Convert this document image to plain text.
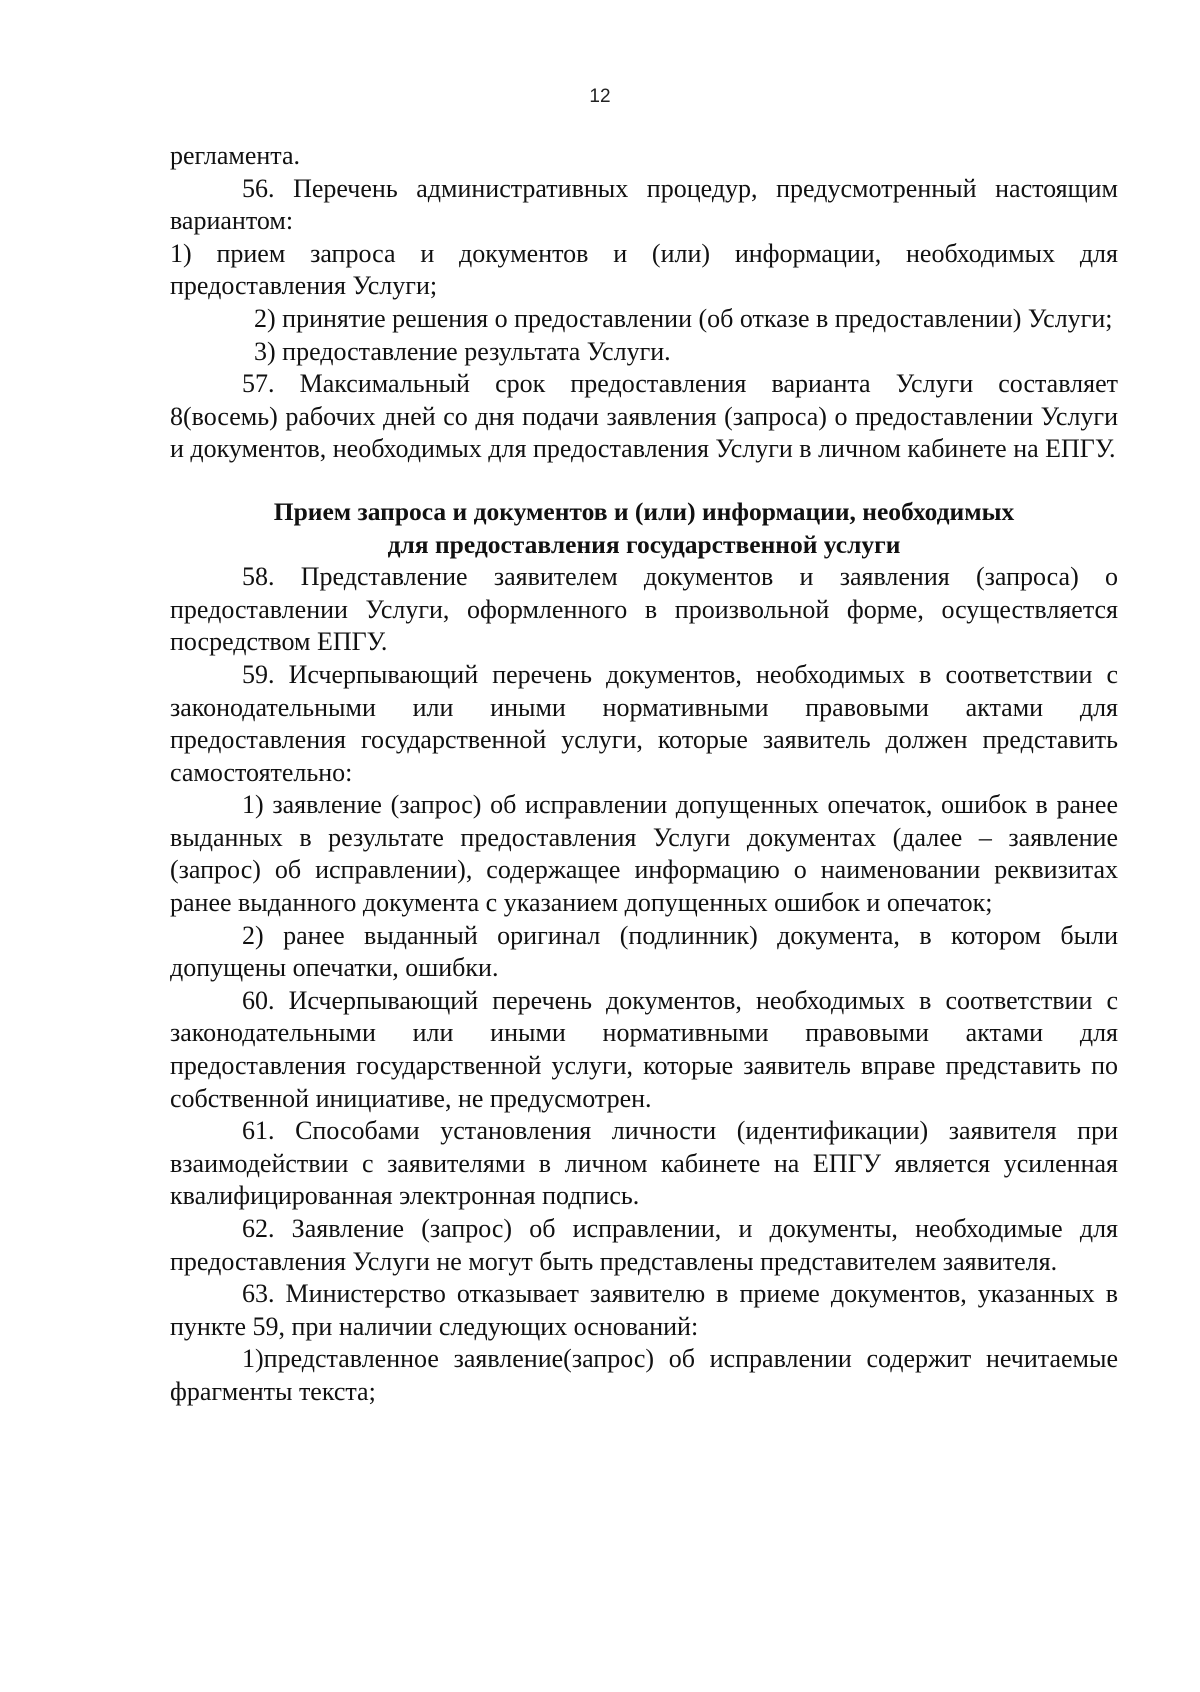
12

регламента.

56. Перечень административных процедур, предусмотренный настоящим вариантом:

1) прием запроса и документов и (или) информации, необходимых для предоставления Услуги;

2) принятие решения о предоставлении (об отказе в предоставлении) Услуги;

3) предоставление результата Услуги.

57. Максимальный срок предоставления варианта Услуги составляет 8(восемь) рабочих дней со дня подачи заявления (запроса) о предоставлении Услуги и документов, необходимых для предоставления Услуги в личном кабинете на ЕПГУ.

Прием запроса и документов и (или) информации, необходимых
для предоставления государственной услуги

58. Представление заявителем документов и заявления (запроса) о предоставлении Услуги, оформленного в произвольной форме, осуществляется посредством ЕПГУ.

59. Исчерпывающий перечень документов, необходимых в соответствии с законодательными или иными нормативными правовыми актами для предоставления государственной услуги, которые заявитель должен представить самостоятельно:

1) заявление (запрос) об исправлении допущенных опечаток, ошибок в ранее выданных в результате предоставления Услуги документах (далее – заявление (запрос) об исправлении), содержащее информацию о наименовании реквизитах ранее выданного документа с указанием допущенных ошибок и опечаток;

2) ранее выданный оригинал (подлинник) документа, в котором были допущены опечатки, ошибки.

60. Исчерпывающий перечень документов, необходимых в соответствии с законодательными или иными нормативными правовыми актами для предоставления государственной услуги, которые заявитель вправе представить по собственной инициативе, не предусмотрен.

61. Способами установления личности (идентификации) заявителя при взаимодействии с заявителями в личном кабинете на ЕПГУ является усиленная квалифицированная электронная подпись.

62. Заявление (запрос) об исправлении, и документы, необходимые для предоставления Услуги не могут быть представлены представителем заявителя.

63. Министерство отказывает заявителю в приеме документов, указанных в пункте 59, при наличии следующих оснований:

1)представленное заявление(запрос) об исправлении содержит нечитаемые фрагменты текста;
